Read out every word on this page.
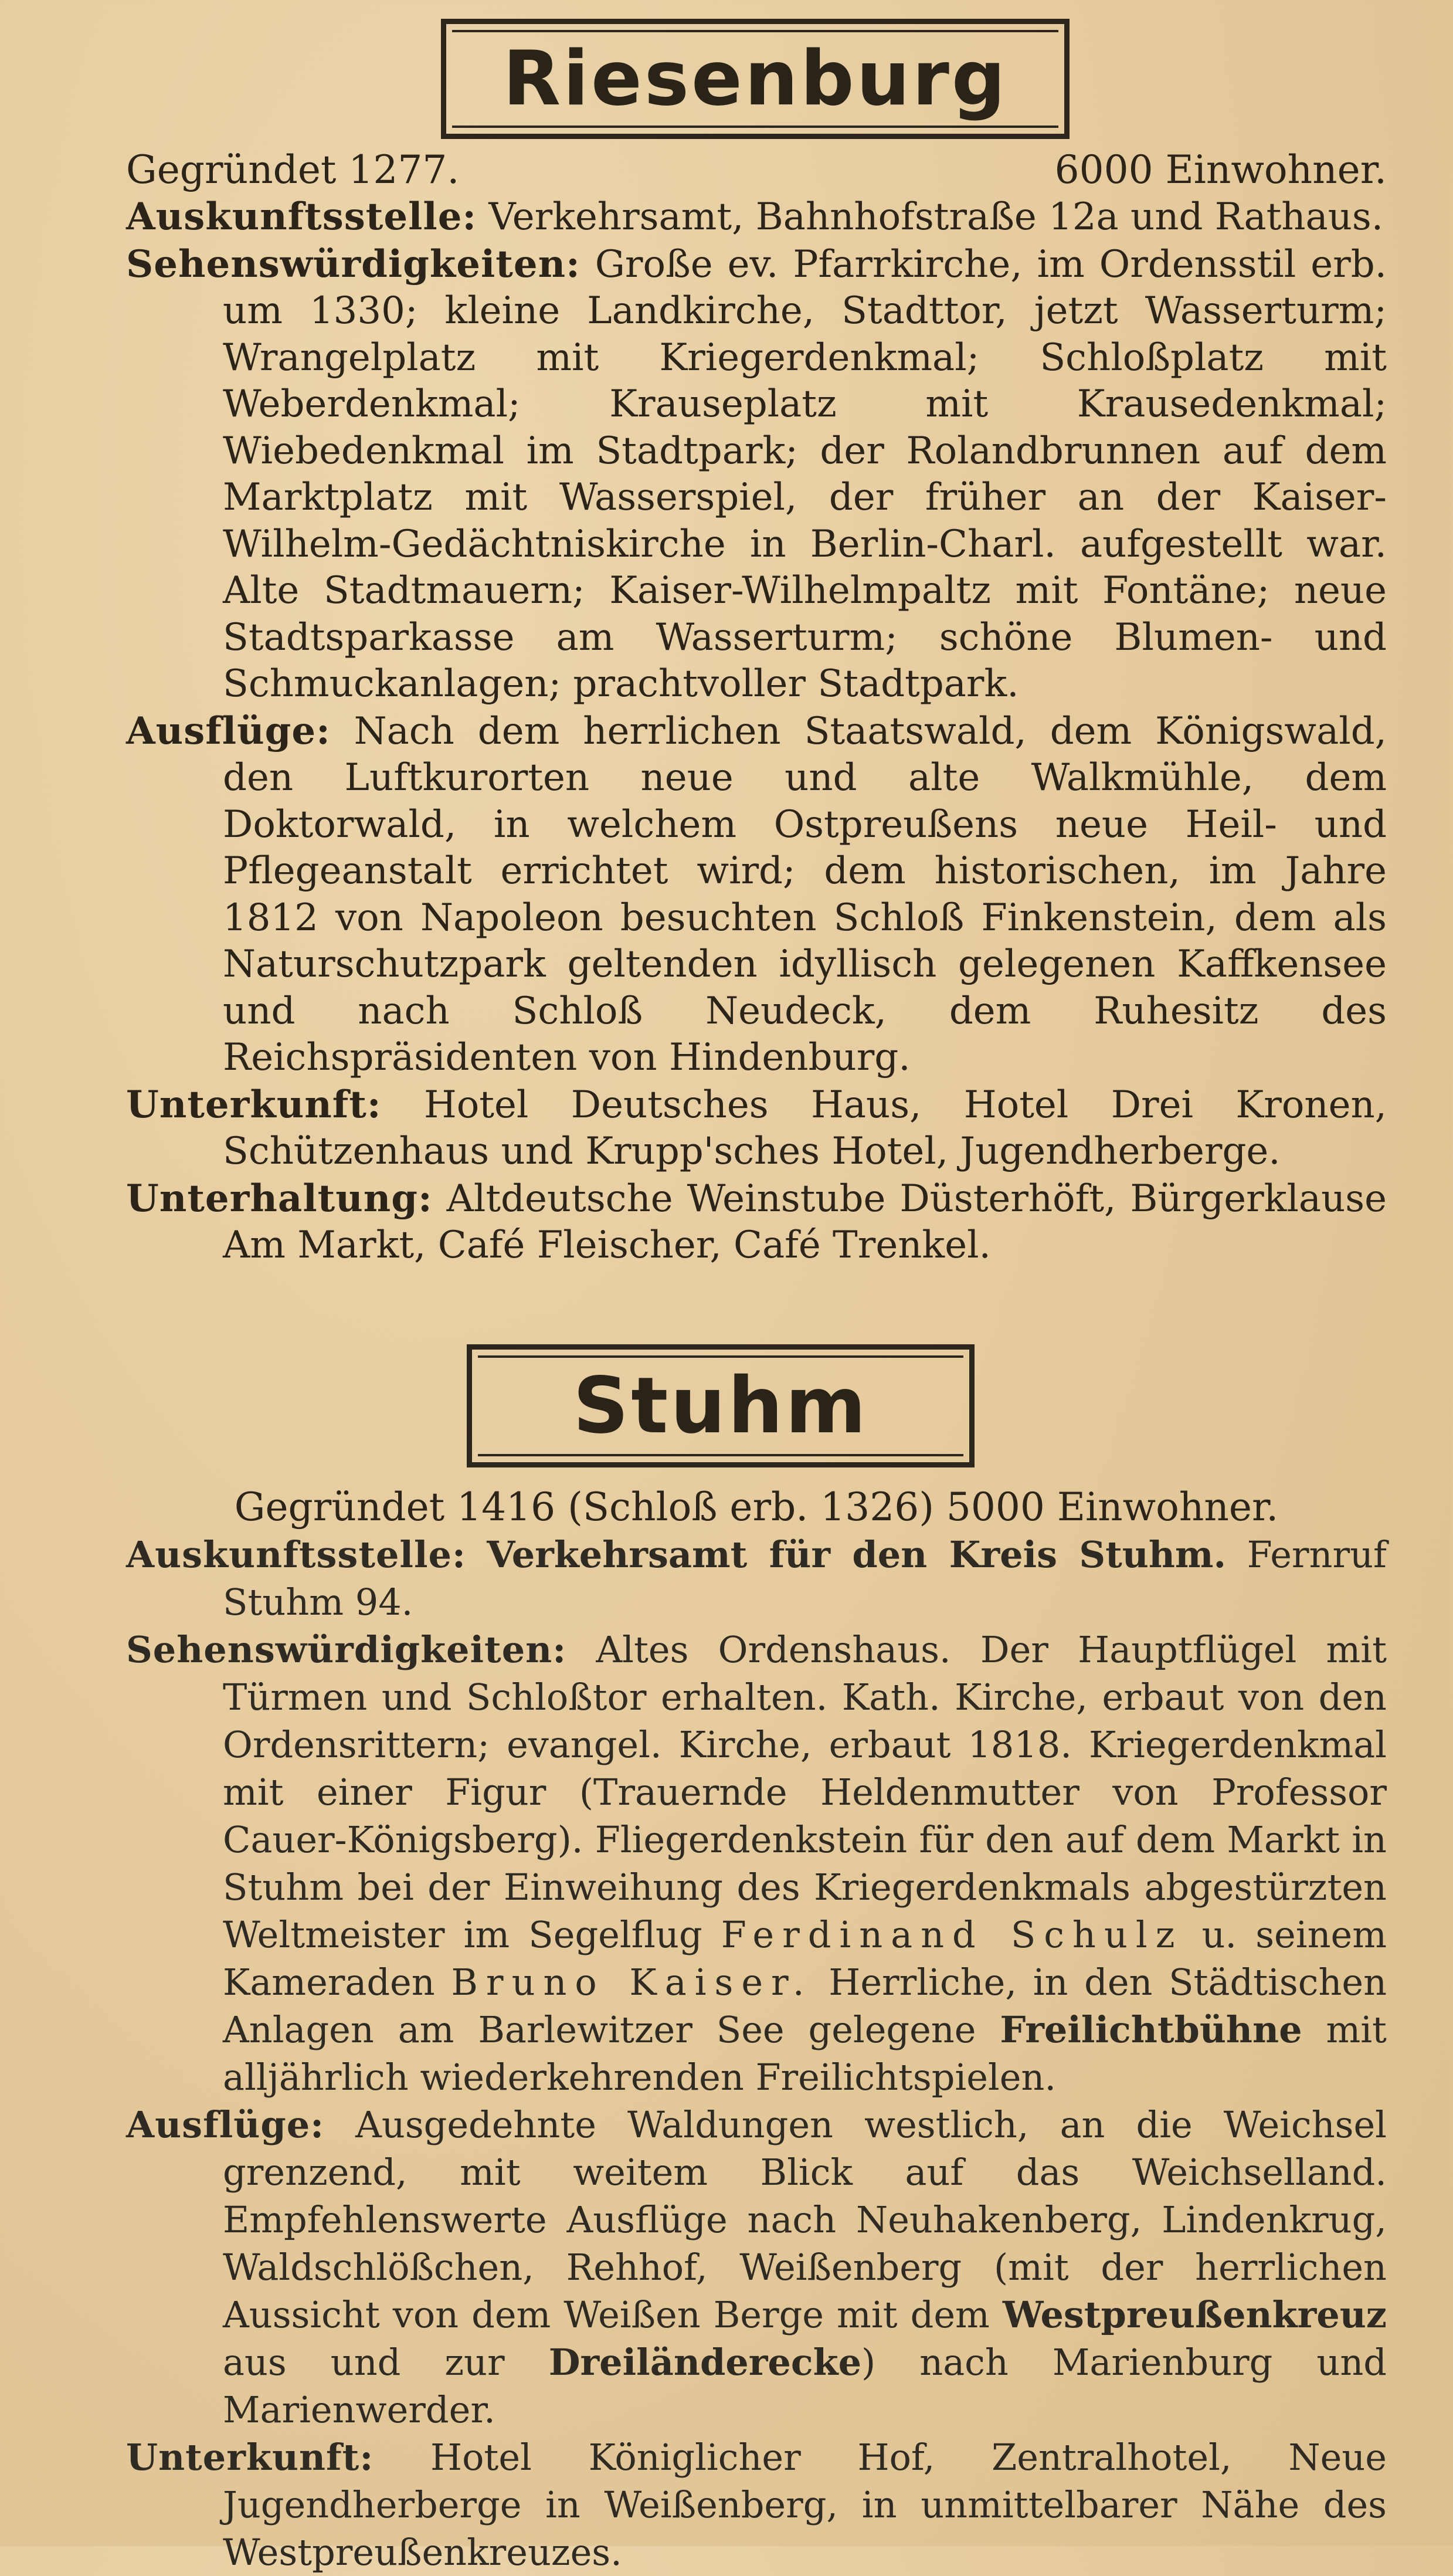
Riesenburg

Gegründet 1277.	6000 Einwohner.

Auskunftsstelle: Verkehrsamt, Bahnhofstraße 12a und Rathaus.

Sehenswürdigkeiten: Große ev. Pfarrkirche, im Ordensstil erb. um 1330; kleine Landkirche, Stadttor, jetzt Wasserturm; Wrangelplatz mit Kriegerdenkmal; Schloßplatz mit Weberdenkmal; Krauseplatz mit Krausedenkmal; Wiebedenkmal im Stadtpark; der Rolandbrunnen auf dem Marktplatz mit Wasserspiel, der früher an der Kaiser-Wilhelm-Gedächtniskirche in Berlin-Charl. aufgestellt war. Alte Stadtmauern; Kaiser-Wilhelmpaltz mit Fontäne; neue Stadtsparkasse am Wasserturm; schöne Blumen- und Schmuckanlagen; prachtvoller Stadtpark.

Ausflüge: Nach dem herrlichen Staatswald, dem Königswald, den Luftkurorten neue und alte Walkmühle, dem Doktorwald, in welchem Ostpreußens neue Heil- und Pflegeanstalt errichtet wird; dem historischen, im Jahre 1812 von Napoleon besuchten Schloß Finkenstein, dem als Naturschutzpark geltenden idyllisch gelegenen Kaffkensee und nach Schloß Neudeck, dem Ruhesitz des Reichspräsidenten von Hindenburg.

Unterkunft: Hotel Deutsches Haus, Hotel Drei Kronen, Schützenhaus und Krupp'sches Hotel, Jugendherberge.

Unterhaltung: Altdeutsche Weinstube Düsterhöft, Bürgerklause Am Markt, Café Fleischer, Café Trenkel.

Stuhm

Gegründet 1416 (Schloß erb. 1326) 5000 Einwohner.

Auskunftsstelle: Verkehrsamt für den Kreis Stuhm. Fernruf Stuhm 94.

Sehenswürdigkeiten: Altes Ordenshaus. Der Hauptflügel mit Türmen und Schloßtor erhalten. Kath. Kirche, erbaut von den Ordensrittern; evangel. Kirche, erbaut 1818. Kriegerdenkmal mit einer Figur (Trauernde Heldenmutter von Professor Cauer-Königsberg). Fliegerdenkstein für den auf dem Markt in Stuhm bei der Einweihung des Kriegerdenkmals abgestürzten Weltmeister im Segelflug Ferdinand Schulz u. seinem Kameraden Bruno Kaiser. Herrliche, in den Städtischen Anlagen am Barlewitzer See gelegene Freilichtbühne mit alljährlich wiederkehrenden Freilichtspielen.

Ausflüge: Ausgedehnte Waldungen westlich, an die Weichsel grenzend, mit weitem Blick auf das Weichselland. Empfehlenswerte Ausflüge nach Neuhakenberg, Lindenkrug, Waldschlößchen, Rehhof, Weißenberg (mit der herrlichen Aussicht von dem Weißen Berge mit dem Westpreußenkreuz aus und zur Dreiländerecke) nach Marienburg und Marienwerder.

Unterkunft: Hotel Königlicher Hof, Zentralhotel, Neue Jugendherberge in Weißenberg, in unmittelbarer Nähe des Westpreußenkreuzes.
